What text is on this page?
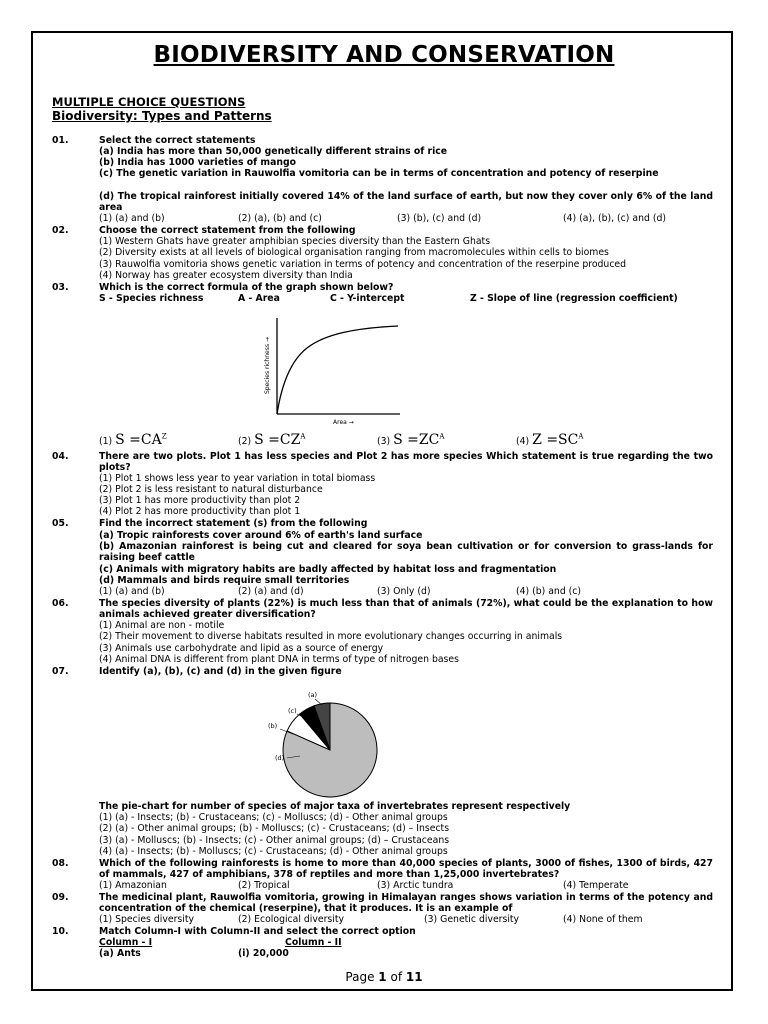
BIODIVERSITY AND CONSERVATION
MULTIPLE CHOICE QUESTIONS
Biodiversity: Types and Patterns
01.	Select the correct statements
(a) India has more than 50,000 genetically different strains of rice
(b) India has 1000 varieties of mango
(c) The genetic variation in Rauwolfia vomitoria can be in terms of concentration and potency of reserpine
(d) The tropical rainforest initially covered 14% of the land surface of earth, but now they cover only 6% of the land area
(1) (a) and (b)	(2) (a), (b) and (c)	(3) (b), (c) and (d)	(4) (a), (b), (c) and (d)
02.	Choose the correct statement from the following
(1) Western Ghats have greater amphibian species diversity than the Eastern Ghats
(2) Diversity exists at all levels of biological organisation ranging from macromolecules within cells to biomes
(3) Rauwolfia vomitoria shows genetic variation in terms of potency and concentration of the reserpine produced
(4) Norway has greater ecosystem diversity than India
03.	Which is the correct formula of the graph shown below?
S - Species richness	A - Area	C - Y-intercept	Z - Slope of line (regression coefficient)
Species richness →
Area →
(1) $S =CA^Z$	(2) $S =CZ^A$	(3) $S =ZC^A$	(4) $Z =SC^A$
04.	There are two plots. Plot 1 has less species and Plot 2 has more species Which statement is true regarding the two plots?
(1) Plot 1 shows less year to year variation in total biomass
(2) Plot 2 is less resistant to natural disturbance
(3) Plot 1 has more productivity than plot 2
(4) Plot 2 has more productivity than plot 1
05.	Find the incorrect statement (s) from the following
(a) Tropic rainforests cover around 6% of earth's land surface
(b) Amazonian rainforest is being cut and cleared for soya bean cultivation or for conversion to grass-lands for raising beef cattle
(c) Animals with migratory habits are badly affected by habitat loss and fragmentation
(d) Mammals and birds require small territories
(1) (a) and (b)	(2) (a) and (d)	(3) Only (d)	(4) (b) and (c)
06.	The species diversity of plants (22%) is much less than that of animals (72%), what could be the explanation to how animals achieved greater diversification?
(1) Animal are non - motile
(2) Their movement to diverse habitats resulted in more evolutionary changes occurring in animals
(3) Animals use carbohydrate and lipid as a source of energy
(4) Animal DNA is different from plant DNA in terms of type of nitrogen bases
07.	Identify (a), (b), (c) and (d) in the given figure
(a)
(c)
(b)
(d)
The pie-chart for number of species of major taxa of invertebrates represent respectively
(1) (a) - Insects; (b) - Crustaceans; (c) - Molluscs; (d) - Other animal groups
(2) (a) - Other animal groups; (b) - Molluscs; (c) - Crustaceans; (d) – Insects
(3) (a) - Molluscs; (b) - Insects; (c) - Other animal groups; (d) – Crustaceans
(4) (a) - Insects; (b) - Molluscs; (c) - Crustaceans; (d) - Other animal groups
08.	Which of the following rainforests is home to more than 40,000 species of plants, 3000 of fishes, 1300 of birds, 427 of mammals, 427 of amphibians, 378 of reptiles and more than 1,25,000 invertebrates?
(1) Amazonian	(2) Tropical	(3) Arctic tundra	(4) Temperate
09.	The medicinal plant, Rauwolfia vomitoria, growing in Himalayan ranges shows variation in terms of the potency and concentration of the chemical (reserpine), that it produces. It is an example of
(1) Species diversity	(2) Ecological diversity	(3) Genetic diversity	(4) None of them
10.	Match Column-I with Column-II and select the correct option
Column - I	Column - II
(a) Ants	(i) 20,000
Page 1 of 11
